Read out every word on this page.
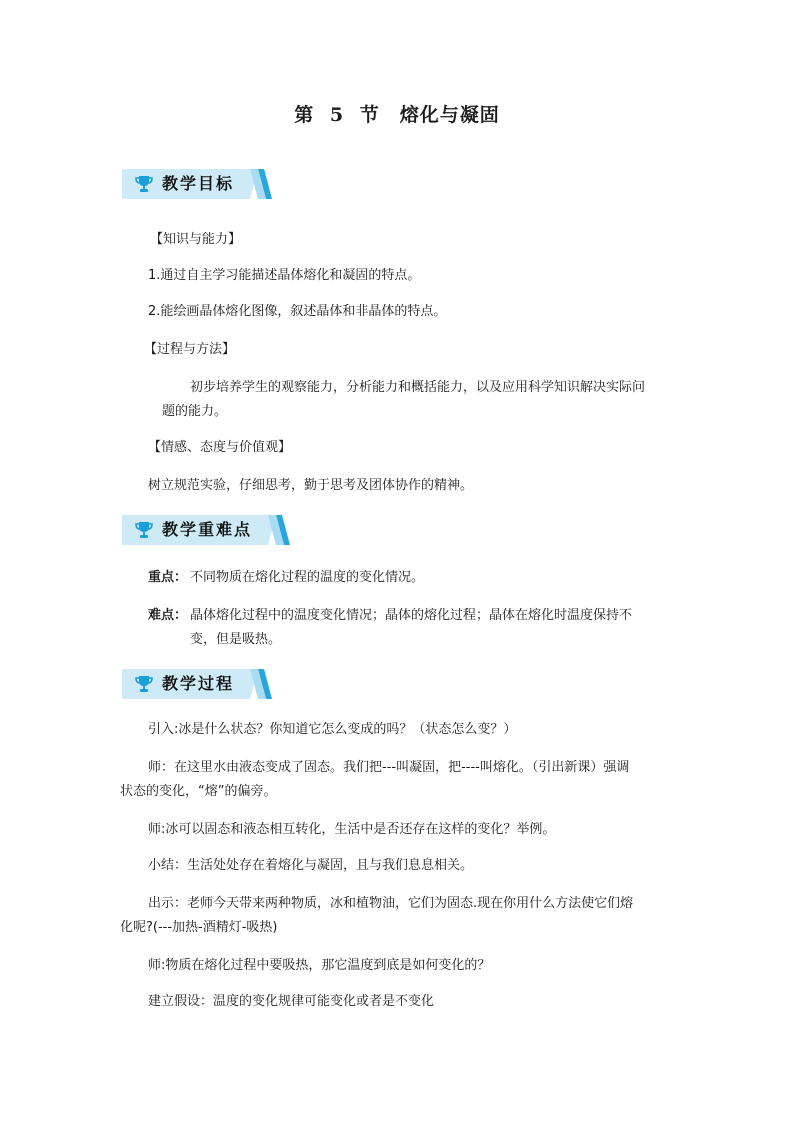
第 5 节　熔化与凝固
教学目标
【知识与能力】
1.通过自主学习能描述晶体熔化和凝固的特点。
2.能绘画晶体熔化图像，叙述晶体和非晶体的特点。
【过程与方法】
初步培养学生的观察能力，分析能力和概括能力，以及应用科学知识解决实际问
题的能力。
【情感、态度与价值观】
树立规范实验，仔细思考，勤于思考及团体协作的精神。
教学重难点
重点： 不同物质在熔化过程的温度的变化情况。
难点： 晶体熔化过程中的温度变化情况；晶体的熔化过程；晶体在熔化时温度保持不
变，但是吸热。
教学过程
引入:冰是什么状态？你知道它怎么变成的吗？（状态怎么变？）
师：在这里水由液态变成了固态。我们把---叫凝固，把----叫熔化。（引出新课）强调
状态的变化，“熔”的偏旁。
师:冰可以固态和液态相互转化，生活中是否还存在这样的变化？举例。
小结：生活处处存在着熔化与凝固，且与我们息息相关。
出示：老师今天带来两种物质，冰和植物油，它们为固态.现在你用什么方法使它们熔
化呢?(---加热-酒精灯-吸热)
师:物质在熔化过程中要吸热，那它温度到底是如何变化的？
建立假设：温度的变化规律可能变化或者是不变化
